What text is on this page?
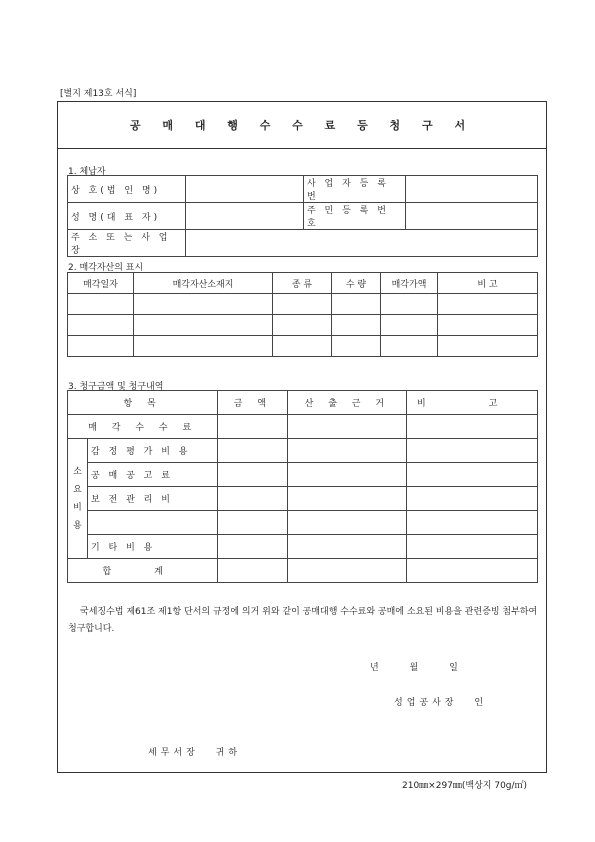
[별지 제13호 서식]
공 매 대 행 수 수 료 등 청 구 서
1. 체납자
상 호(법 인 명)		사 업 자 등 록 번	
성 명(대 표 자)		주 민 등 록 번 호	
주 소 또 는 사 업 장			
2. 매각자산의 표시
매각일자	매각자산소재지	종 류	수 량	매각가액	비 고

3. 청구금액 및 청구내역
항 목		금 액	산 출 근 거	비 고
매 각 수 수 료				
소요비용	감 정 평 가 비 용			
	공 매 공 고 료			
	보 전 관 리 비			

	기 타 비 용			
합 계				
국세징수법 제61조 제1항 단서의 규정에 의거 위와 같이 공매대행 수수료와 공매에 소요된 비용을 관련증빙 첨부하여 청구합니다.
년 월 일
성업공사장 인
세무서장 귀하
210㎜×297㎜(백상지 70g/㎡)
